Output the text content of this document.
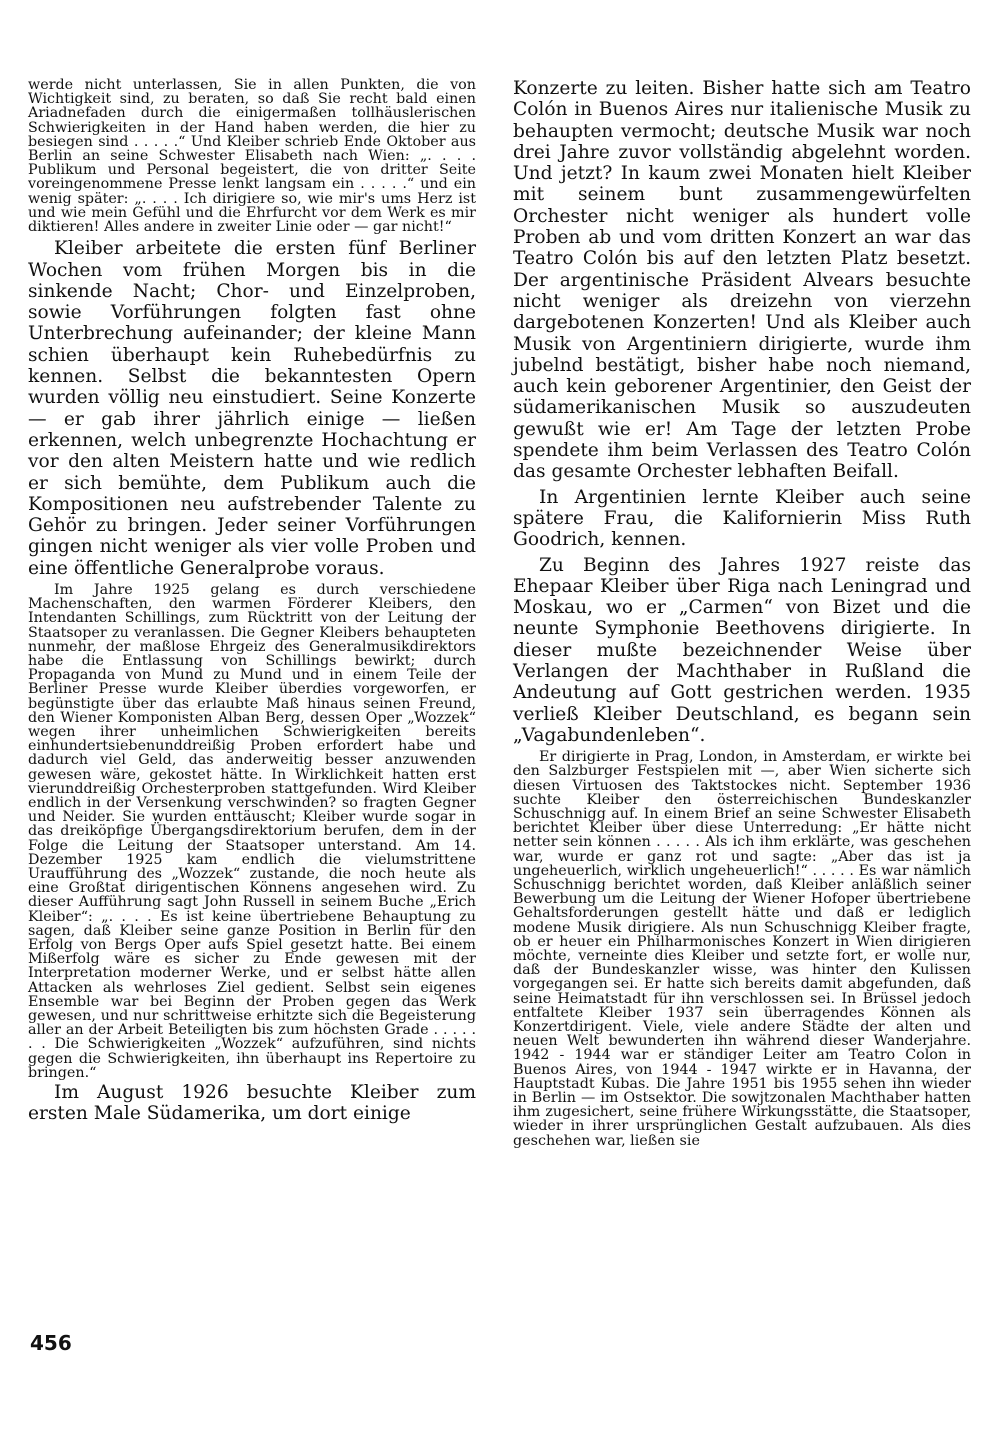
werde nicht unterlassen, Sie in allen Punkten, die von Wichtigkeit sind, zu beraten, so daß Sie recht bald einen Ariadnefaden durch die einigermaßen tollhäuslerischen Schwierigkeiten in der Hand haben werden, die hier zu besiegen sind . . . . .“ Und Kleiber schrieb Ende Oktober aus Berlin an seine Schwester Elisabeth nach Wien: „. . . . Publikum und Personal begeistert, die von dritter Seite voreingenommene Presse lenkt langsam ein . . . . .“ und ein wenig später: „. . . . Ich dirigiere so, wie mir's ums Herz ist und wie mein Gefühl und die Ehrfurcht vor dem Werk es mir diktieren! Alles andere in zweiter Linie oder — gar nicht!“

Kleiber arbeitete die ersten fünf Berliner Wochen vom frühen Morgen bis in die sinkende Nacht; Chor- und Einzelproben, sowie Vorführungen folgten fast ohne Unterbrechung aufeinander; der kleine Mann schien überhaupt kein Ruhebedürfnis zu kennen. Selbst die bekanntesten Opern wurden völlig neu einstudiert. Seine Konzerte — er gab ihrer jährlich einige — ließen erkennen, welch unbegrenzte Hochachtung er vor den alten Meistern hatte und wie redlich er sich bemühte, dem Publikum auch die Kompositionen neu aufstrebender Talente zu Gehör zu bringen. Jeder seiner Vorführungen gingen nicht weniger als vier volle Proben und eine öffentliche Generalprobe voraus.

Im Jahre 1925 gelang es durch verschiedene Machenschaften, den warmen Förderer Kleibers, den Intendanten Schillings, zum Rücktritt von der Leitung der Staatsoper zu veranlassen. Die Gegner Kleibers behaupteten nunmehr, der maßlose Ehrgeiz des Generalmusikdirektors habe die Entlassung von Schillings bewirkt; durch Propaganda von Mund zu Mund und in einem Teile der Berliner Presse wurde Kleiber überdies vorgeworfen, er begünstigte über das erlaubte Maß hinaus seinen Freund, den Wiener Komponisten Alban Berg, dessen Oper „Wozzek“ wegen ihrer unheimlichen Schwierigkeiten bereits einhundertsiebenunddreißig Proben erfordert habe und dadurch viel Geld, das anderweitig besser anzuwenden gewesen wäre, gekostet hätte. In Wirklichkeit hatten erst vierunddreißig Orchesterproben stattgefunden. Wird Kleiber endlich in der Versenkung verschwinden? so fragten Gegner und Neider. Sie wurden enttäuscht; Kleiber wurde sogar in das dreiköpfige Übergangsdirektorium berufen, dem in der Folge die Leitung der Staatsoper unterstand. Am 14. Dezember 1925 kam endlich die vielumstrittene Uraufführung des „Wozzek“ zustande, die noch heute als eine Großtat dirigentischen Könnens angesehen wird. Zu dieser Aufführung sagt John Russell in seinem Buche „Erich Kleiber“: „. . . . Es ist keine übertriebene Behauptung zu sagen, daß Kleiber seine ganze Position in Berlin für den Erfolg von Bergs Oper aufs Spiel gesetzt hatte. Bei einem Mißerfolg wäre es sicher zu Ende gewesen mit der Interpretation moderner Werke, und er selbst hätte allen Attacken als wehrloses Ziel gedient. Selbst sein eigenes Ensemble war bei Beginn der Proben gegen das Werk gewesen, und nur schrittweise erhitzte sich die Begeisterung aller an der Arbeit Beteiligten bis zum höchsten Grade . . . . . . . Die Schwierigkeiten „Wozzek“ aufzuführen, sind nichts gegen die Schwierigkeiten, ihn überhaupt ins Repertoire zu bringen.“

Im August 1926 besuchte Kleiber zum ersten Male Südamerika, um dort einige

Konzerte zu leiten. Bisher hatte sich am Teatro Colón in Buenos Aires nur italienische Musik zu behaupten vermocht; deutsche Musik war noch drei Jahre zuvor vollständig abgelehnt worden. Und jetzt? In kaum zwei Monaten hielt Kleiber mit seinem bunt zusammengewürfelten Orchester nicht weniger als hundert volle Proben ab und vom dritten Konzert an war das Teatro Colón bis auf den letzten Platz besetzt. Der argentinische Präsident Alvears besuchte nicht weniger als dreizehn von vierzehn dargebotenen Konzerten! Und als Kleiber auch Musik von Argentiniern dirigierte, wurde ihm jubelnd bestätigt, bisher habe noch niemand, auch kein geborener Argentinier, den Geist der südamerikanischen Musik so auszudeuten gewußt wie er! Am Tage der letzten Probe spendete ihm beim Verlassen des Teatro Colón das gesamte Orchester lebhaften Beifall.

In Argentinien lernte Kleiber auch seine spätere Frau, die Kalifornierin Miss Ruth Goodrich, kennen.

Zu Beginn des Jahres 1927 reiste das Ehepaar Kleiber über Riga nach Leningrad und Moskau, wo er „Carmen“ von Bizet und die neunte Symphonie Beethovens dirigierte. In dieser mußte bezeichnender Weise über Verlangen der Machthaber in Rußland die Andeutung auf Gott gestrichen werden. 1935 verließ Kleiber Deutschland, es begann sein „Vagabundenleben“.

Er dirigierte in Prag, London, in Amsterdam, er wirkte bei den Salzburger Festspielen mit —, aber Wien sicherte sich diesen Virtuosen des Taktstockes nicht. September 1936 suchte Kleiber den österreichischen Bundeskanzler Schuschnigg auf. In einem Brief an seine Schwester Elisabeth berichtet Kleiber über diese Unterredung: „Er hätte nicht netter sein können . . . . . Als ich ihm erklärte, was geschehen war, wurde er ganz rot und sagte: „Aber das ist ja ungeheuerlich, wirklich ungeheuerlich!“ . . . . . Es war nämlich Schuschnigg berichtet worden, daß Kleiber anläßlich seiner Bewerbung um die Leitung der Wiener Hofoper übertriebene Gehaltsforderungen gestellt hätte und daß er lediglich modene Musik dirigiere. Als nun Schuschnigg Kleiber fragte, ob er heuer ein Philharmonisches Konzert in Wien dirigieren möchte, verneinte dies Kleiber und setzte fort, er wolle nur, daß der Bundeskanzler wisse, was hinter den Kulissen vorgegangen sei. Er hatte sich bereits damit abgefunden, daß seine Heimatstadt für ihn verschlossen sei. In Brüssel jedoch entfaltete Kleiber 1937 sein überragendes Können als Konzertdirigent. Viele, viele andere Städte der alten und neuen Welt bewunderten ihn während dieser Wanderjahre. 1942 - 1944 war er ständiger Leiter am Teatro Colon in Buenos Aires, von 1944 - 1947 wirkte er in Havanna, der Hauptstadt Kubas. Die Jahre 1951 bis 1955 sehen ihn wieder in Berlin — im Ostsektor. Die sowjtzonalen Machthaber hatten ihm zugesichert, seine frühere Wirkungsstätte, die Staatsoper, wieder in ihrer ursprünglichen Gestalt aufzubauen. Als dies geschehen war, ließen sie

456
